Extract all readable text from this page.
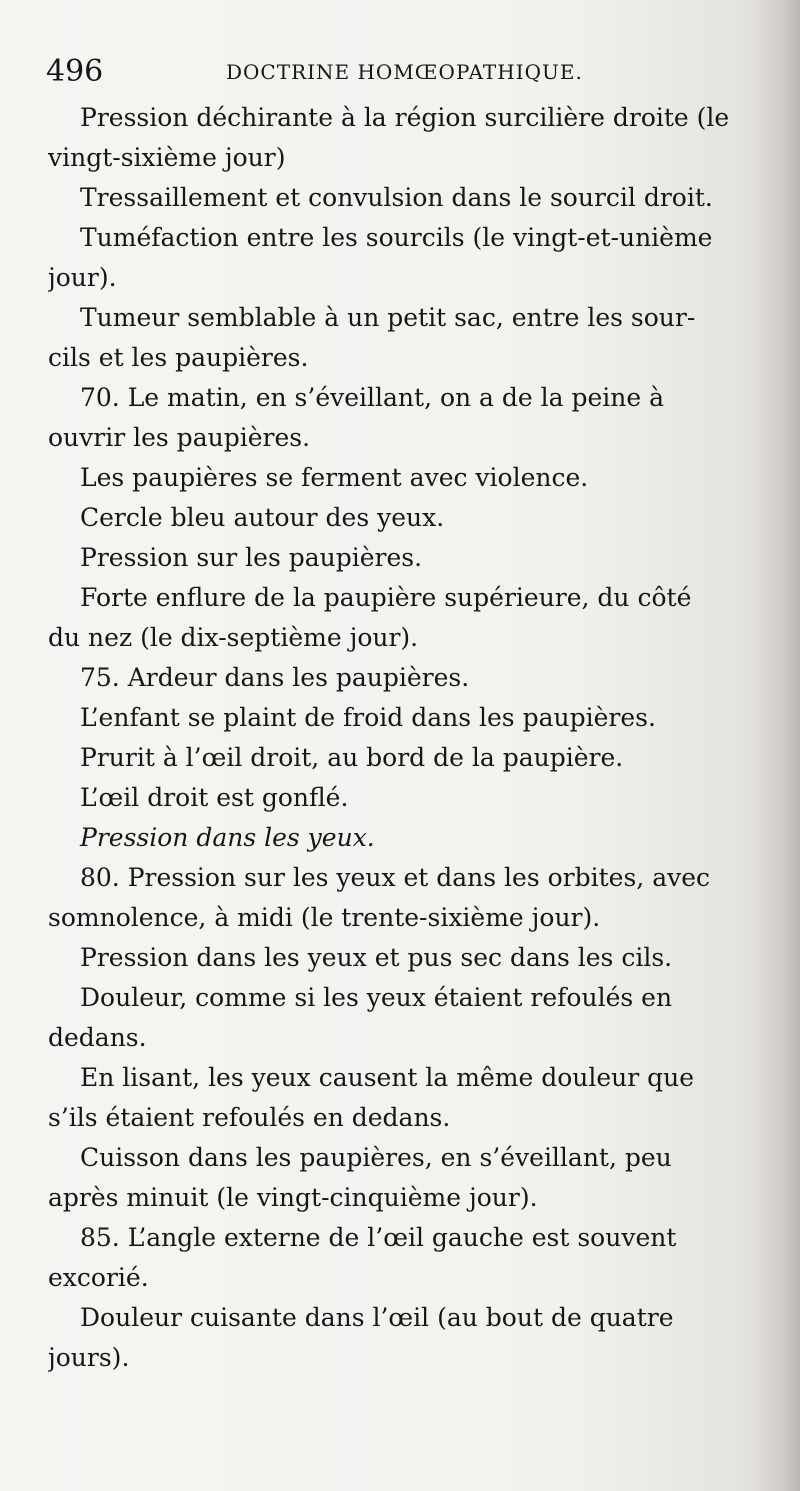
496	DOCTRINE HOMŒOPATHIQUE.
Pression déchirante à la région surcilière droite (le
vingt-sixième jour)
Tressaillement et convulsion dans le sourcil droit.
Tuméfaction entre les sourcils (le vingt-et-unième
jour).
Tumeur semblable à un petit sac, entre les sour-
cils et les paupières.
70. Le matin, en s’éveillant, on a de la peine à
ouvrir les paupières.
Les paupières se ferment avec violence.
Cercle bleu autour des yeux.
Pression sur les paupières.
Forte enflure de la paupière supérieure, du côté
du nez (le dix-septième jour).
75. Ardeur dans les paupières.
L’enfant se plaint de froid dans les paupières.
Prurit à l’œil droit, au bord de la paupière.
L’œil droit est gonflé.
Pression dans les yeux.
80. Pression sur les yeux et dans les orbites, avec
somnolence, à midi (le trente-sixième jour).
Pression dans les yeux et pus sec dans les cils.
Douleur, comme si les yeux étaient refoulés en
dedans.
En lisant, les yeux causent la même douleur que
s’ils étaient refoulés en dedans.
Cuisson dans les paupières, en s’éveillant, peu
après minuit (le vingt-cinquième jour).
85. L’angle externe de l’œil gauche est souvent
excorié.
Douleur cuisante dans l’œil (au bout de quatre
jours).
